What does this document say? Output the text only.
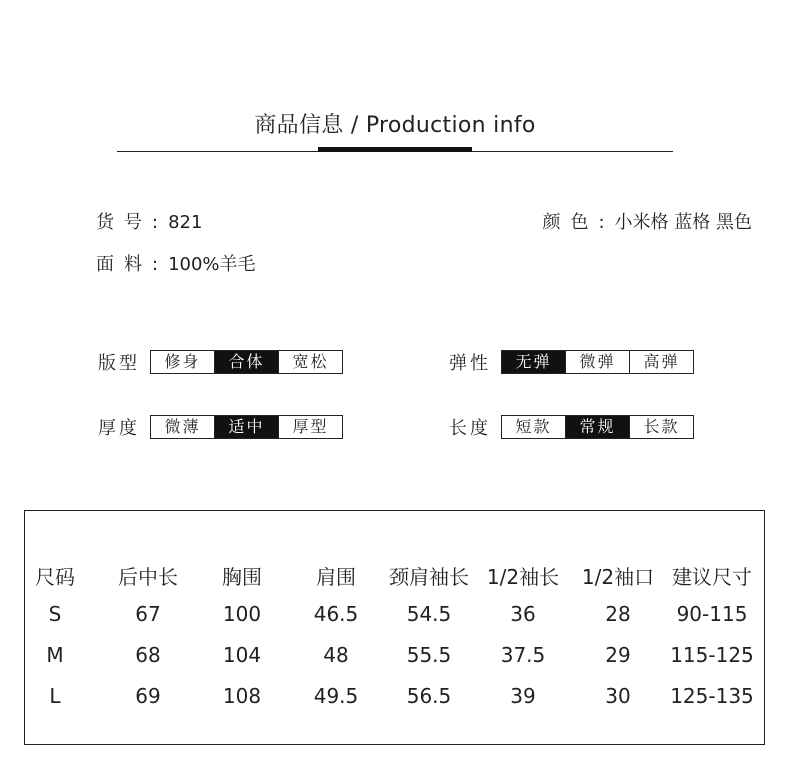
商品信息 / Production info
货号:821	颜色:小米格 蓝格 黑色
面料:100%羊毛
版型	修身	合体	宽松	弹性	无弹	微弹	高弹
厚度	微薄	适中	厚型	长度	短款	常规	长款
尺码 后中长 胸围	肩围 颈肩袖长 1/2袖长 1/2袖口 建议尺寸
S	67	100	46.5 54.5	36	28 90-115
M	68	104	48	55.5 37.5	29 115-125
L	69	108	49.5 56.5	39	30 125-135
